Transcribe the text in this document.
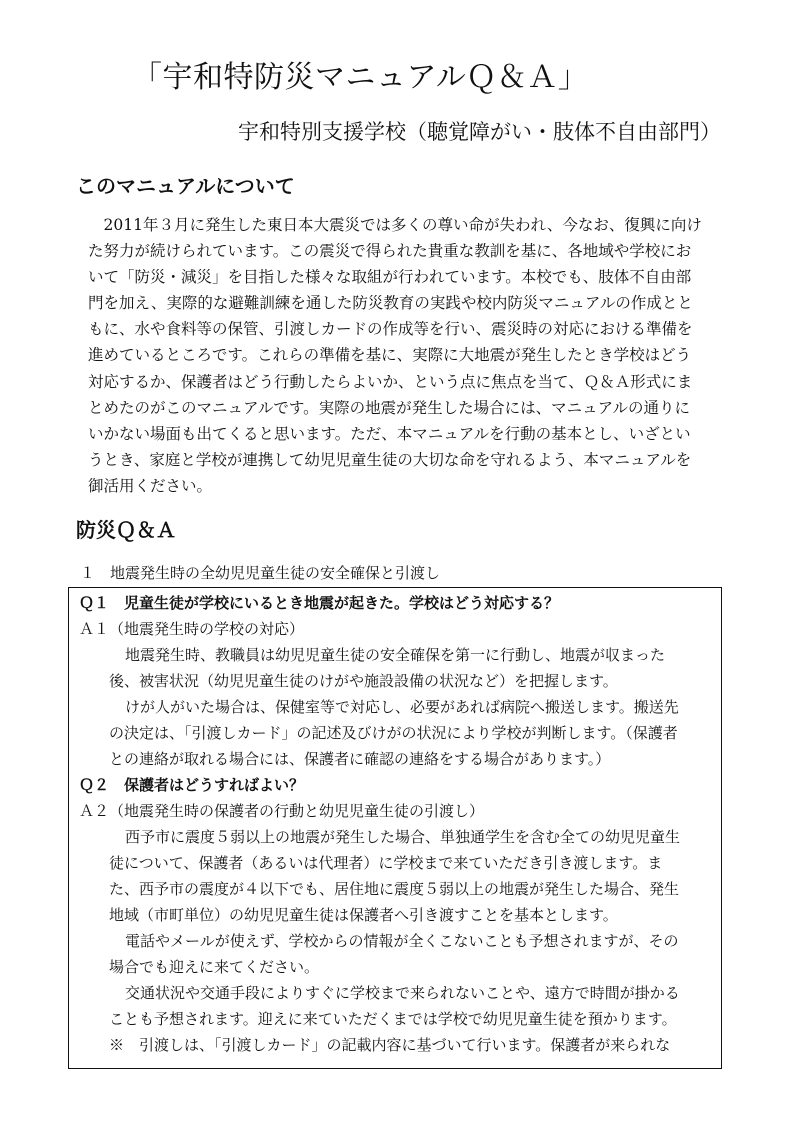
「宇和特防災マニュアルＱ＆Ａ」
宇和特別支援学校（聴覚障がい・肢体不自由部門）
このマニュアルについて
　2011年３月に発生した東日本大震災では多くの尊い命が失われ、今なお、復興に向け
た努力が続けられています。この震災で得られた貴重な教訓を基に、各地域や学校にお
いて「防災・減災」を目指した様々な取組が行われています。本校でも、肢体不自由部
門を加え、実際的な避難訓練を通した防災教育の実践や校内防災マニュアルの作成とと
もに、水や食料等の保管、引渡しカードの作成等を行い、震災時の対応における準備を
進めているところです。これらの準備を基に、実際に大地震が発生したとき学校はどう
対応するか、保護者はどう行動したらよいか、という点に焦点を当て、Ｑ＆Ａ形式にま
とめたのがこのマニュアルです。実際の地震が発生した場合には、マニュアルの通りに
いかない場面も出てくると思います。ただ、本マニュアルを行動の基本とし、いざとい
うとき、家庭と学校が連携して幼児児童生徒の大切な命を守れるよう、本マニュアルを
御活用ください。
防災Ｑ＆Ａ
１　地震発生時の全幼児児童生徒の安全確保と引渡し
Ｑ１　児童生徒が学校にいるとき地震が起きた。学校はどう対応する？
Ａ１（地震発生時の学校の対応）
地震発生時、教職員は幼児児童生徒の安全確保を第一に行動し、地震が収まった
後、被害状況（幼児児童生徒のけがや施設設備の状況など）を把握します。
けが人がいた場合は、保健室等で対応し、必要があれば病院へ搬送します。搬送先
の決定は、「引渡しカード」の記述及びけがの状況により学校が判断します。（保護者
との連絡が取れる場合には、保護者に確認の連絡をする場合があります。）
Ｑ２　保護者はどうすればよい？
Ａ２（地震発生時の保護者の行動と幼児児童生徒の引渡し）
西予市に震度５弱以上の地震が発生した場合、単独通学生を含む全ての幼児児童生
徒について、保護者（あるいは代理者）に学校まで来ていただき引き渡します。ま
た、西予市の震度が４以下でも、居住地に震度５弱以上の地震が発生した場合、発生
地域（市町単位）の幼児児童生徒は保護者へ引き渡すことを基本とします。
電話やメールが使えず、学校からの情報が全くこないことも予想されますが、その
場合でも迎えに来てください。
交通状況や交通手段によりすぐに学校まで来られないことや、遠方で時間が掛かる
ことも予想されます。迎えに来ていただくまでは学校で幼児児童生徒を預かります。
※　引渡しは、「引渡しカード」の記載内容に基づいて行います。保護者が来られな
